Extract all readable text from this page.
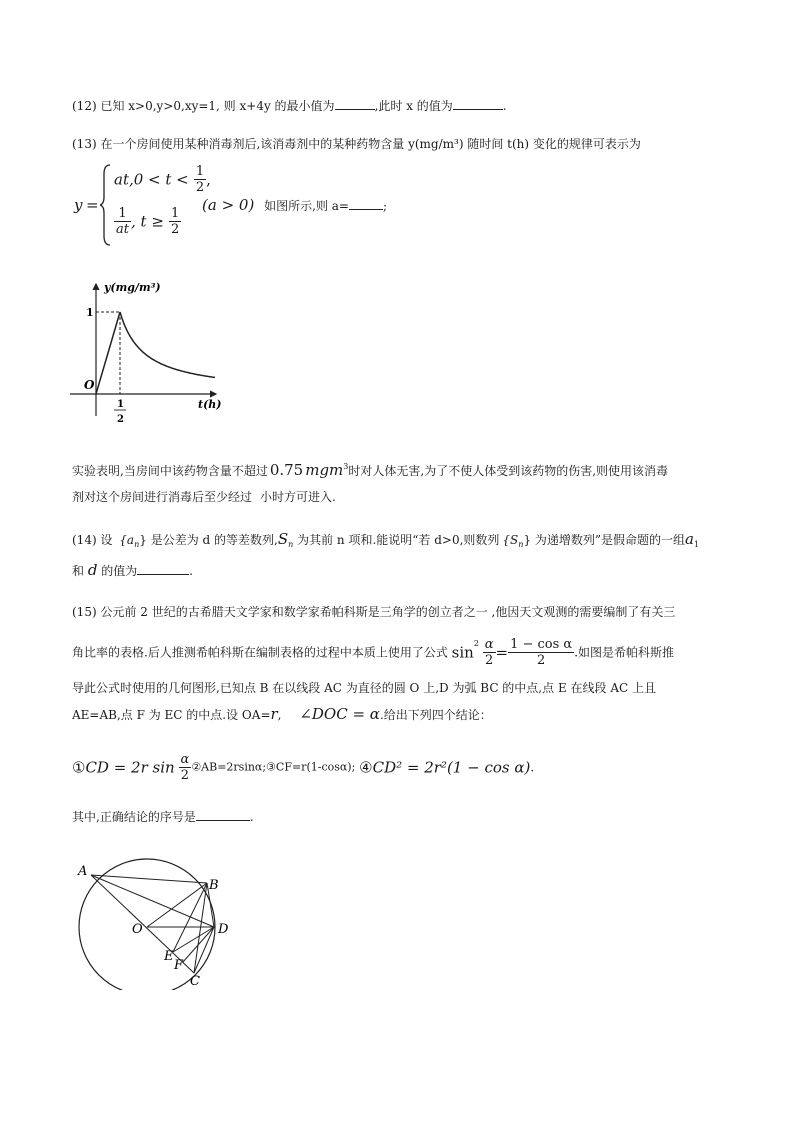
(12) 已知 x>0,y>0,xy=1, 则 x+4y 的最小值为	,此时 x 的值为	.
(13) 在一个房间使用某种消毒剂后,该消毒剂中的某种药物含量 y(mg/m³) 随时间 t(h) 变化的规律可表示为
y =
$at,0 < t < \frac{1}{2}$ ,
$\frac{1}{at}$ , $t \ge \frac{1}{2}$
(a > 0) 如图所示,则 a=	;
y(mg/m³)
t(h)
O
1
1
2
实验表明,当房间中该药物含量不超过 0.75 mgm$^3$时对人体无害,为了不使人体受到该药物的伤害,则使用该消毒
剂对这个房间进行消毒后至少经过 小时方可进入.
(14) 设 $\{a_n\}$ 是公差为 d 的等差数列$,S_n$ 为其前 n 项和.能说明“若 d>0,则数列 $\{S_n\}$ 为递增数列”是假命题的一组$a_1$
和 d 的值为	.
(15) 公元前 2 世纪的古希腊天文学家和数学家希帕科斯是三角学的创立者之一 ,他因天文观测的需要编制了有关三
角比率的表格.后人推测希帕科斯在编制表格的过程中本质上使用了公式 $\sin^2 \frac{\alpha}{2} = \frac{\text{1 − cos α}}{2}$ .如图是希帕科斯推
导此公式时使用的几何图形,已知点 B 在以线段 AC 为直径的圆 O 上,D 为弧 BC 的中点,点 E 在线段 AC 上且
AE=AB,点 F 为 EC 的中点.设 OA=r, ∠DOC = α.给出下列四个结论：
①CD = 2r $\sin \frac{\alpha}{2}$ ②AB=2rsinα;③CF=r(1-cosα); ④CD² = 2r²(1 − cos α).
其中,正确结论的序号是	.
A
B
O	D
E
F
C
